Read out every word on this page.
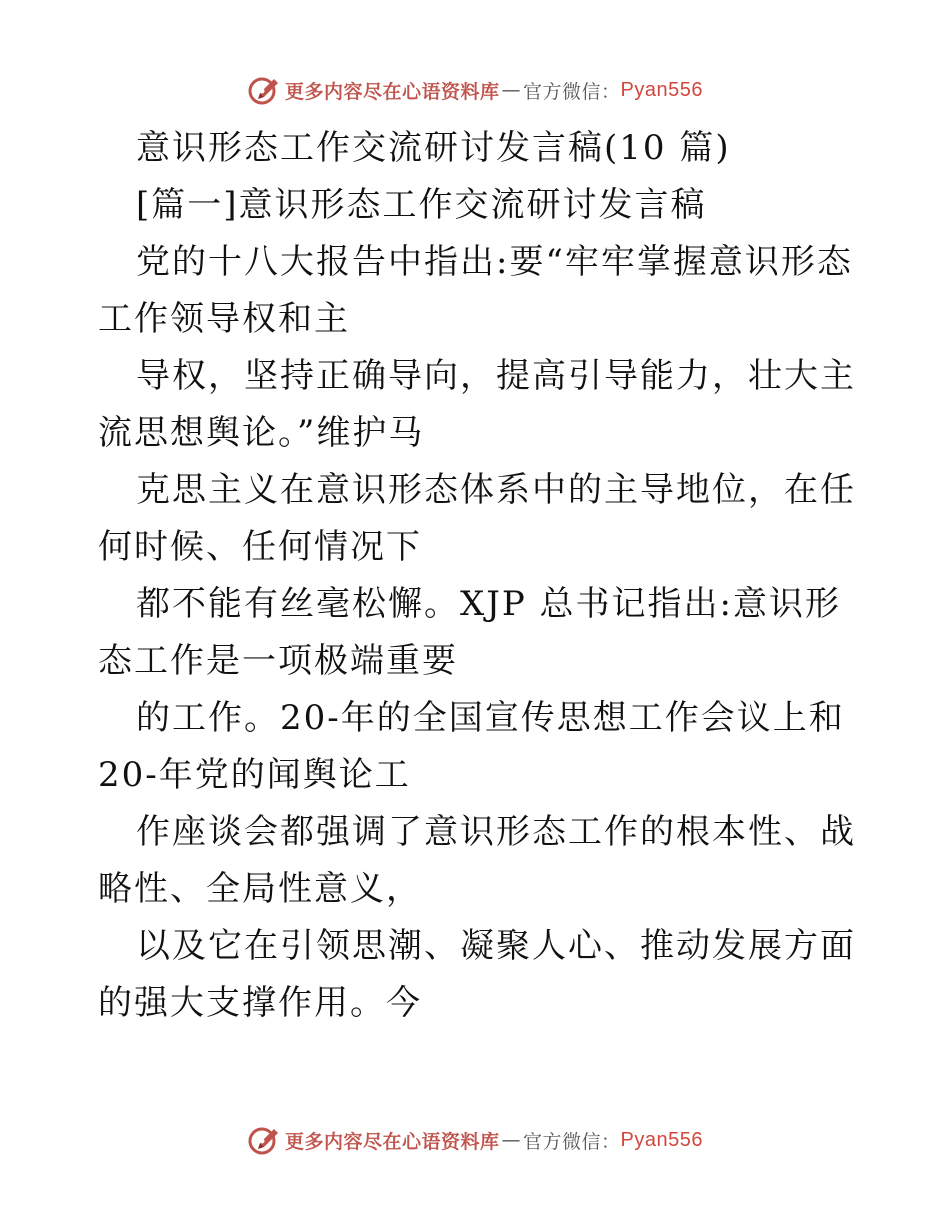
更多内容尽在心语资料库 — 官方微信： Pyan556

意识形态工作交流研讨发言稿(10 篇)

[篇一]意识形态工作交流研讨发言稿

党的十八大报告中指出:要“牢牢掌握意识形态工作领导权和主

导权，坚持正确导向，提高引导能力，壮大主流思想舆论。”维护马

克思主义在意识形态体系中的主导地位，在任何时候、任何情况下

都不能有丝毫松懈。XJP 总书记指出:意识形态工作是一项极端重要

的工作。20-年的全国宣传思想工作会议上和 20-年党的闻舆论工

作座谈会都强调了意识形态工作的根本性、战略性、全局性意义，

以及它在引领思潮、凝聚人心、推动发展方面的强大支撑作用。今

更多内容尽在心语资料库 — 官方微信： Pyan556
